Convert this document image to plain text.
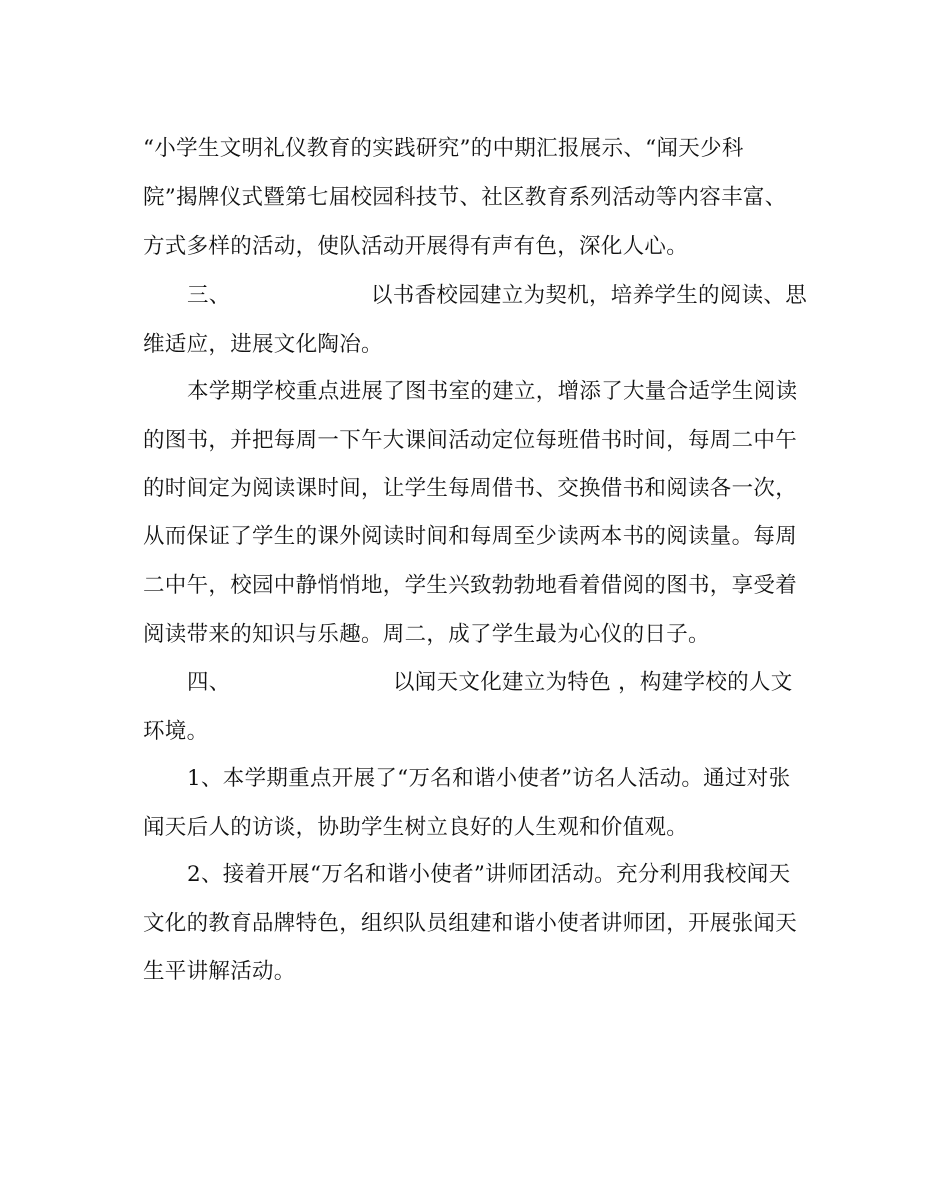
“小学生文明礼仪教育的实践研究”的中期汇报展示、“闻天少科
院”揭牌仪式暨第七届校园科技节、社区教育系列活动等内容丰富、
方式多样的活动，使队活动开展得有声有色，深化人心。
三、	以书香校园建立为契机，培养学生的阅读、思
维适应，进展文化陶冶。
本学期学校重点进展了图书室的建立，增添了大量合适学生阅读
的图书，并把每周一下午大课间活动定位每班借书时间，每周二中午
的时间定为阅读课时间，让学生每周借书、交换借书和阅读各一次，
从而保证了学生的课外阅读时间和每周至少读两本书的阅读量。每周
二中午，校园中静悄悄地，学生兴致勃勃地看着借阅的图书，享受着
阅读带来的知识与乐趣。周二，成了学生最为心仪的日子。
四、	以闻天文化建立为特色 ，构建学校的人文
环境。
1、本学期重点开展了“万名和谐小使者”访名人活动。通过对张
闻天后人的访谈，协助学生树立良好的人生观和价值观。
2、接着开展“万名和谐小使者”讲师团活动。充分利用我校闻天
文化的教育品牌特色，组织队员组建和谐小使者讲师团，开展张闻天
生平讲解活动。
